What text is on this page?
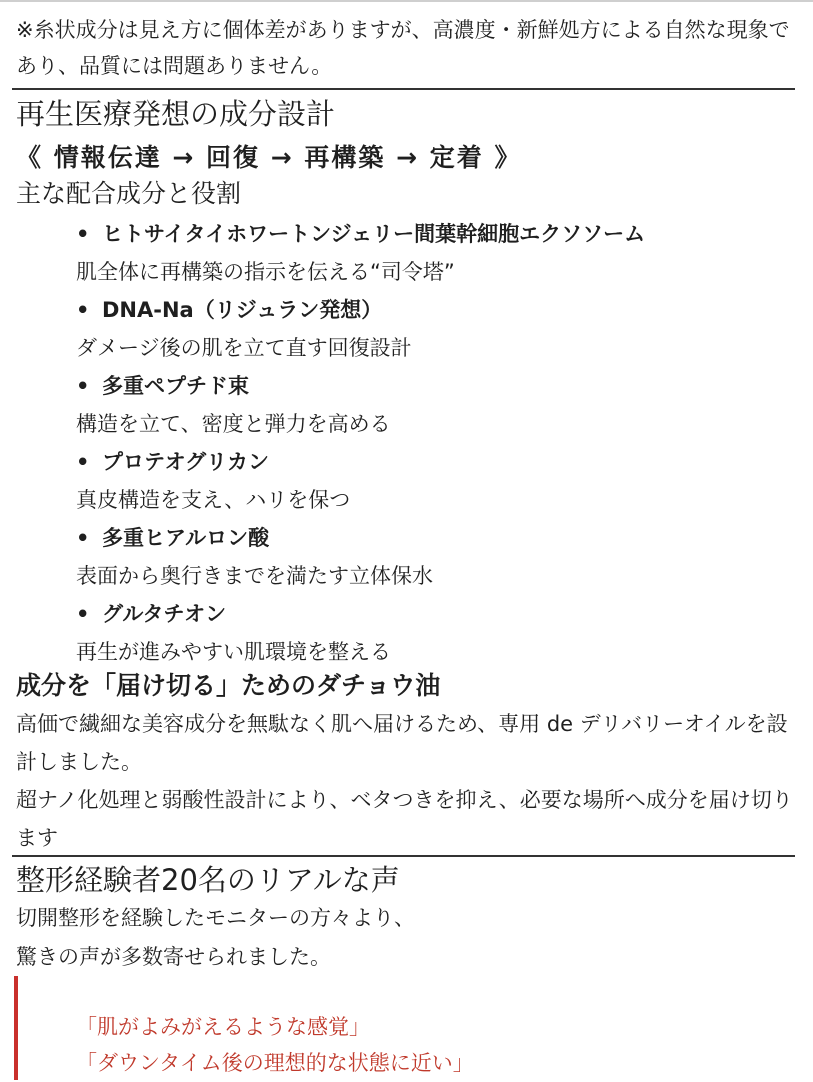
※糸状成分は見え方に個体差がありますが、高濃度・新鮮処方による自然な現象であり、品質には問題ありません。
再生医療発想の成分設計
《 情報伝達 → 回復 → 再構築 → 定着 》
主な配合成分と役割
• ヒトサイタイホワートンジェリー間葉幹細胞エクソソーム
肌全体に再構築の指示を伝える“司令塔”
• DNA-Na（リジュラン発想）
ダメージ後の肌を立て直す回復設計
• 多重ペプチド束
構造を立て、密度と弾力を高める
• プロテオグリカン
真皮構造を支え、ハリを保つ
• 多重ヒアルロン酸
表面から奥行きまでを満たす立体保水
• グルタチオン
再生が進みやすい肌環境を整える
成分を「届け切る」ためのダチョウ油
高価で繊細な美容成分を無駄なく肌へ届けるため、専用 de デリバリーオイルを設計しました。
超ナノ化処理と弱酸性設計により、ベタつきを抑え、必要な場所へ成分を届け切ります
整形経験者20名のリアルな声
切開整形を経験したモニターの方々より、
驚きの声が多数寄せられました。
「肌がよみがえるような感覚」
「ダウンタイム後の理想的な状態に近い」
